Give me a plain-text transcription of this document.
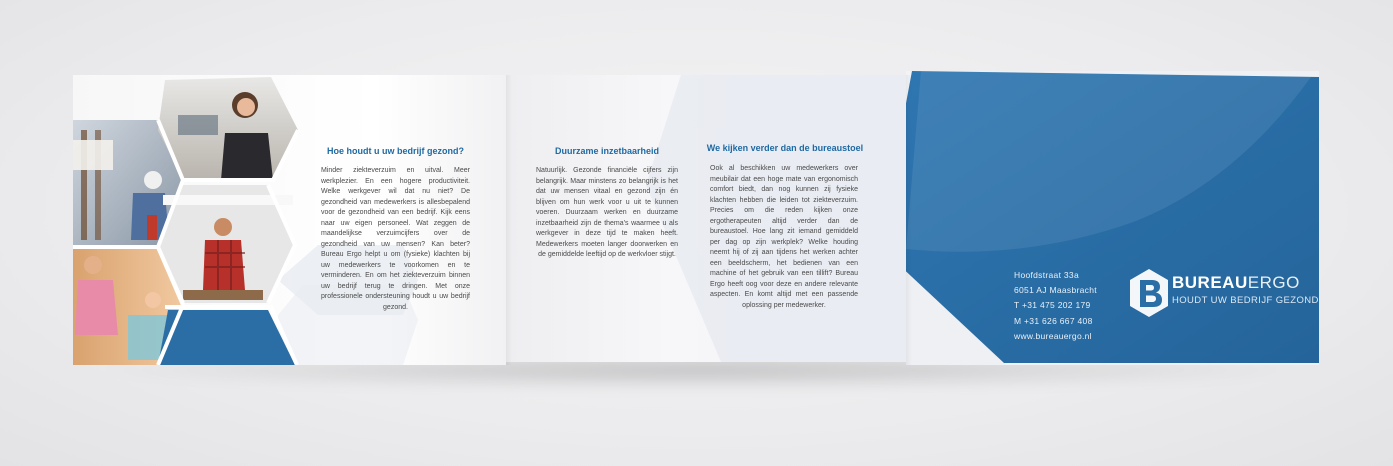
Hoe houdt u uw bedrijf gezond?
Minder ziekteverzuim en uitval. Meer werkplezier. En een hogere productiviteit. Welke werkgever wil dat nu niet? De gezondheid van medewerkers is allesbepalend voor de gezondheid van een bedrijf. Kijk eens naar uw eigen personeel. Wat zeggen de maandelijkse verzuimcijfers over de gezondheid van uw mensen? Kan beter? Bureau Ergo helpt u om (fysieke) klachten bij uw medewerkers te voorkomen en te verminderen. En om het ziekteverzuim binnen uw bedrijf terug te dringen. Met onze professionele ondersteuning houdt u uw bedrijf gezond.
Duurzame inzetbaarheid
Natuurlijk. Gezonde financiële cijfers zijn belangrijk. Maar minstens zo belangrijk is het dat uw mensen vitaal en gezond zijn én blijven om hun werk voor u uit te kunnen voeren. Duurzaam werken en duurzame inzetbaarheid zijn de thema's waarmee u als werkgever in deze tijd te maken heeft. Medewerkers moeten langer doorwerken en de gemiddelde leeftijd op de werkvloer stijgt.
We kijken verder dan de bureaustoel
Ook al beschikken uw medewerkers over meubilair dat een hoge mate van ergonomisch comfort biedt, dan nog kunnen zij fysieke klachten hebben die leiden tot ziekteverzuim. Precies om die reden kijken onze ergotherapeuten altijd verder dan de bureaustoel. Hoe lang zit iemand gemiddeld per dag op zijn werkplek? Welke houding neemt hij of zij aan tijdens het werken achter een beeldscherm, het bedienen van een machine of het gebruik van een tillift? Bureau Ergo heeft oog voor deze en andere relevante aspecten. En komt altijd met een passende oplossing per medewerker.
Hoofdstraat 33a
6051 AJ Maasbracht
T +31 475 202 179
M +31 626 667 408
www.bureauergo.nl
BUREAUERGO
HOUDT UW BEDRIJF GEZOND
